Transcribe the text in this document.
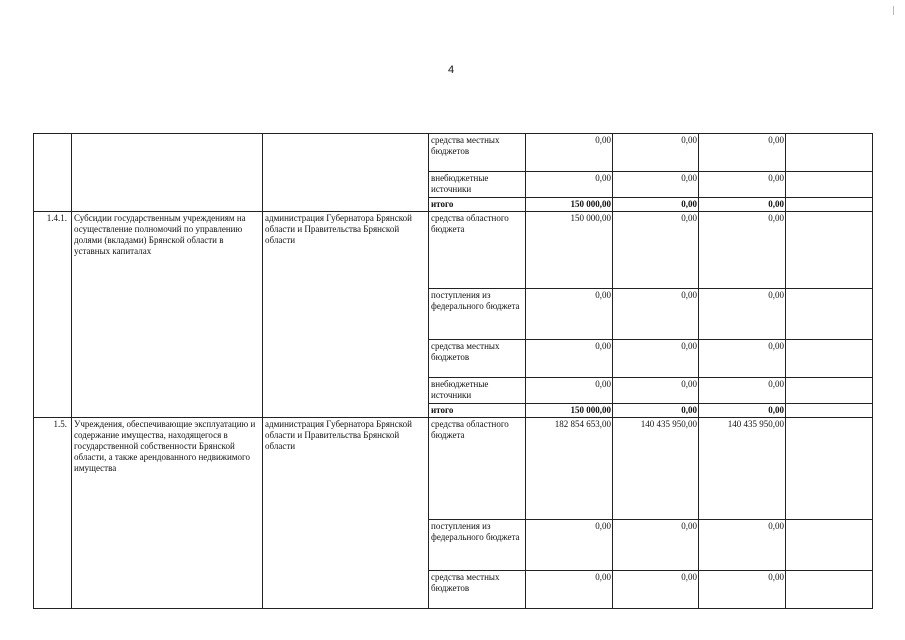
4
			средства местных бюджетов	0,00	0,00	0,00	
			внебюджетные источники	0,00	0,00	0,00	
			итого	150 000,00	0,00	0,00	
1.4.1.	Субсидии государственным учреждениям на осуществление полномочий по управлению долями (вкладами) Брянской области в уставных капиталах	администрация Губернатора Брянской области и Правительства Брянской области	средства областного бюджета	150 000,00	0,00	0,00	
			поступления из федерального бюджета	0,00	0,00	0,00	
			средства местных бюджетов	0,00	0,00	0,00	
			внебюджетные источники	0,00	0,00	0,00	
			итого	150 000,00	0,00	0,00	
1.5.	Учреждения, обеспечивающие эксплуатацию и содержание имущества, находящегося в государственной собственности Брянской области, а также арендованного недвижимого имущества	администрация Губернатора Брянской области и Правительства Брянской области	средства областного бюджета	182 854 653,00	140 435 950,00	140 435 950,00	
			поступления из федерального бюджета	0,00	0,00	0,00	
			средства местных бюджетов	0,00	0,00	0,00	
